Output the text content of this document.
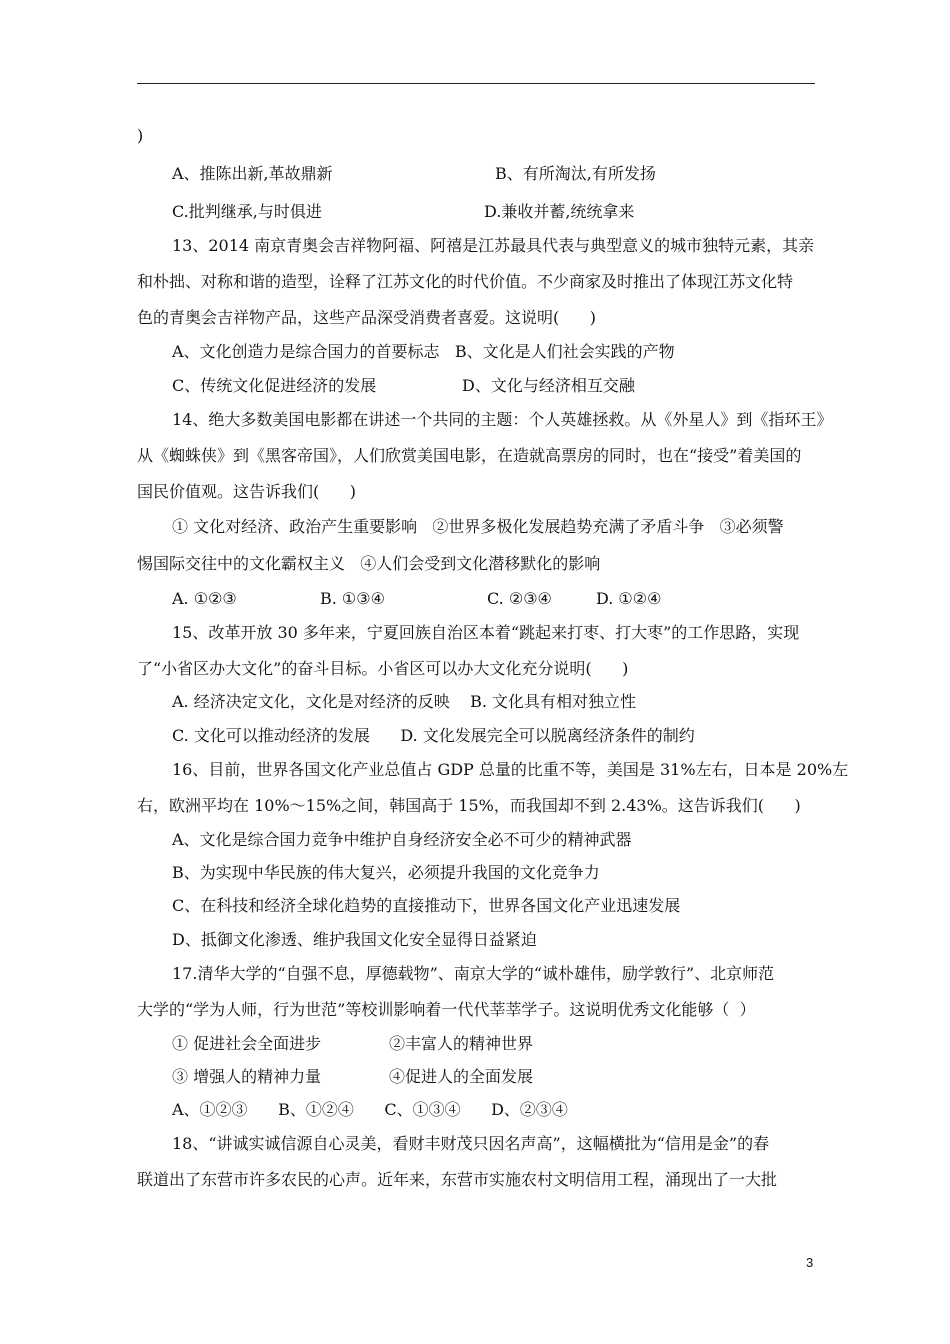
)
A、推陈出新,革故鼎新	B、有所淘汰,有所发扬
C.批判继承,与时俱进	D.兼收并蓄,统统拿来
13、2014 南京青奥会吉祥物阿福、阿禧是江苏最具代表与典型意义的城市独特元素，其亲
和朴拙、对称和谐的造型，诠释了江苏文化的时代价值。不少商家及时推出了体现江苏文化特
色的青奥会吉祥物产品，这些产品深受消费者喜爱。这说明(      )
A、文化创造力是综合国力的首要标志   B、文化是人们社会实践的产物
C、传统文化促进经济的发展	D、文化与经济相互交融
14、绝大多数美国电影都在讲述一个共同的主题：个人英雄拯救。从《外星人》到《指环王》
从《蜘蛛侠》到《黑客帝国》，人们欣赏美国电影，在造就高票房的同时，也在“接受”着美国的
国民价值观。这告诉我们(      )
① 文化对经济、政治产生重要影响   ②世界多极化发展趋势充满了矛盾斗争   ③必须警
惕国际交往中的文化霸权主义   ④人们会受到文化潜移默化的影响
A. ①②③	B. ①③④	C. ②③④	D. ①②④
15、改革开放 30 多年来，宁夏回族自治区本着“跳起来打枣、打大枣”的工作思路，实现
了“小省区办大文化”的奋斗目标。小省区可以办大文化充分说明(      )
A. 经济决定文化，文化是对经济的反映    B. 文化具有相对独立性
C. 文化可以推动经济的发展      D. 文化发展完全可以脱离经济条件的制约
16、目前，世界各国文化产业总值占 GDP 总量的比重不等，美国是 31%左右，日本是 20%左
右，欧洲平均在 10%～15%之间，韩国高于 15%，而我国却不到 2.43%。这告诉我们(      )
A、文化是综合国力竞争中维护自身经济安全必不可少的精神武器
B、为实现中华民族的伟大复兴，必须提升我国的文化竞争力
C、在科技和经济全球化趋势的直接推动下，世界各国文化产业迅速发展
D、抵御文化渗透、维护我国文化安全显得日益紧迫
17.清华大学的“自强不息，厚德载物”、南京大学的“诚朴雄伟，励学敦行”、北京师范
大学的“学为人师，行为世范”等校训影响着一代代莘莘学子。这说明优秀文化能够（  ）
① 促进社会全面进步	②丰富人的精神世界
③ 增强人的精神力量	④促进人的全面发展
A、①②③      B、①②④      C、①③④      D、②③④
18、“讲诚实诚信源自心灵美，看财丰财茂只因名声高”，这幅横批为“信用是金”的春
联道出了东营市许多农民的心声。近年来，东营市实施农村文明信用工程，涌现出了一大批
3
